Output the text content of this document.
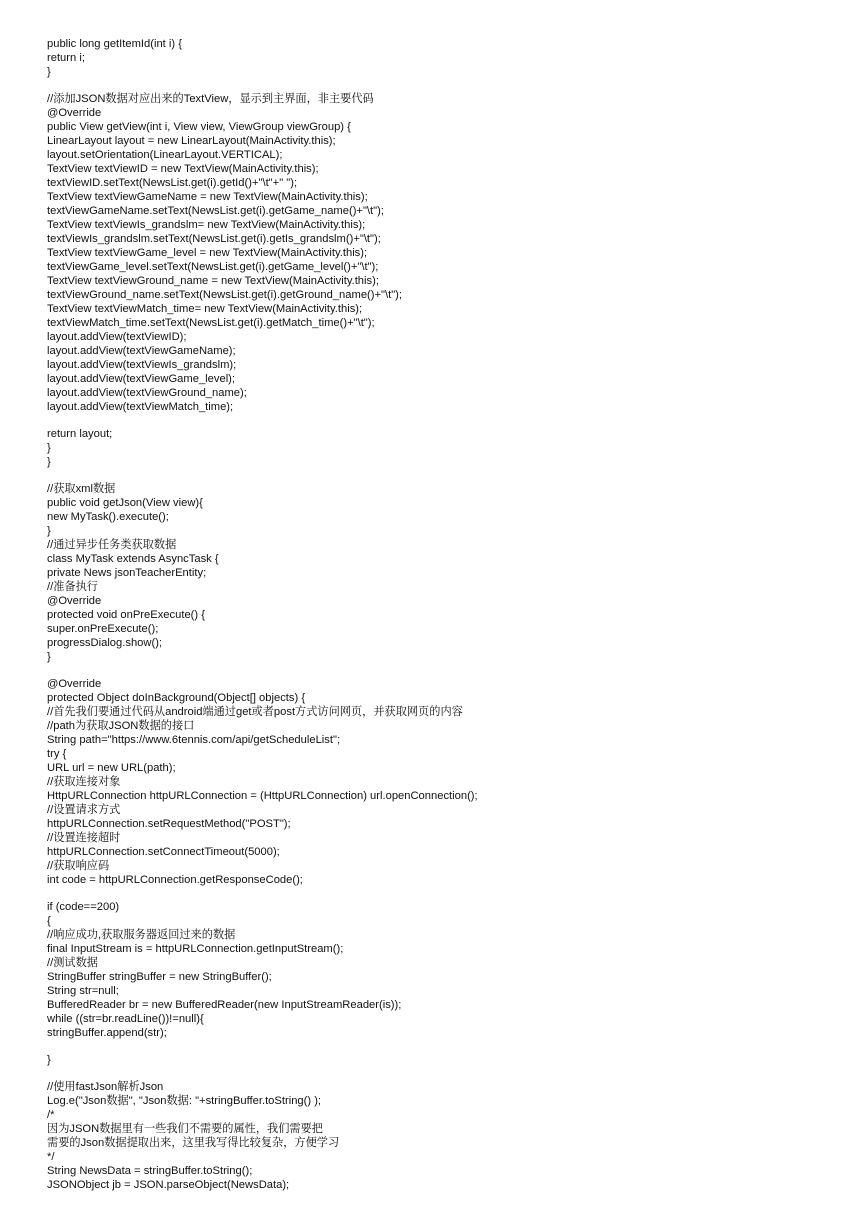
public long getItemId(int i) {
return i;
}
//添加JSON数据对应出来的TextView，显示到主界面，非主要代码
@Override
public View getView(int i, View view, ViewGroup viewGroup) {
LinearLayout layout = new LinearLayout(MainActivity.this);
layout.setOrientation(LinearLayout.VERTICAL);
TextView textViewID = new TextView(MainActivity.this);
textViewID.setText(NewsList.get(i).getId()+"\t"+" ");
TextView textViewGameName = new TextView(MainActivity.this);
textViewGameName.setText(NewsList.get(i).getGame_name()+"\t");
TextView textViewIs_grandslm= new TextView(MainActivity.this);
textViewIs_grandslm.setText(NewsList.get(i).getIs_grandslm()+"\t");
TextView textViewGame_level = new TextView(MainActivity.this);
textViewGame_level.setText(NewsList.get(i).getGame_level()+"\t");
TextView textViewGround_name = new TextView(MainActivity.this);
textViewGround_name.setText(NewsList.get(i).getGround_name()+"\t");
TextView textViewMatch_time= new TextView(MainActivity.this);
textViewMatch_time.setText(NewsList.get(i).getMatch_time()+"\t");
layout.addView(textViewID);
layout.addView(textViewGameName);
layout.addView(textViewIs_grandslm);
layout.addView(textViewGame_level);
layout.addView(textViewGround_name);
layout.addView(textViewMatch_time);
return layout;
}
}
//获取xml数据
public void getJson(View view){
new MyTask().execute();
}
//通过异步任务类获取数据
class MyTask extends AsyncTask {
private News jsonTeacherEntity;
//准备执行
@Override
protected void onPreExecute() {
super.onPreExecute();
progressDialog.show();
}
@Override
protected Object doInBackground(Object[] objects) {
//首先我们要通过代码从android端通过get或者post方式访问网页，并获取网页的内容
//path为获取JSON数据的接口
String path="https://www.6tennis.com/api/getScheduleList";
try {
URL url = new URL(path);
//获取连接对象
HttpURLConnection httpURLConnection = (HttpURLConnection) url.openConnection();
//设置请求方式
httpURLConnection.setRequestMethod("POST");
//设置连接超时
httpURLConnection.setConnectTimeout(5000);
//获取响应码
int code = httpURLConnection.getResponseCode();
if (code==200)
{
//响应成功,获取服务器返回过来的数据
final InputStream is = httpURLConnection.getInputStream();
//测试数据
StringBuffer stringBuffer = new StringBuffer();
String str=null;
BufferedReader br = new BufferedReader(new InputStreamReader(is));
while ((str=br.readLine())!=null){
stringBuffer.append(str);
}
//使用fastJson解析Json
Log.e("Json数据", "Json数据: "+stringBuffer.toString() );
/*
因为JSON数据里有一些我们不需要的属性，我们需要把
需要的Json数据提取出来，这里我写得比较复杂，方便学习
*/
String NewsData = stringBuffer.toString();
JSONObject jb = JSON.parseObject(NewsData);
